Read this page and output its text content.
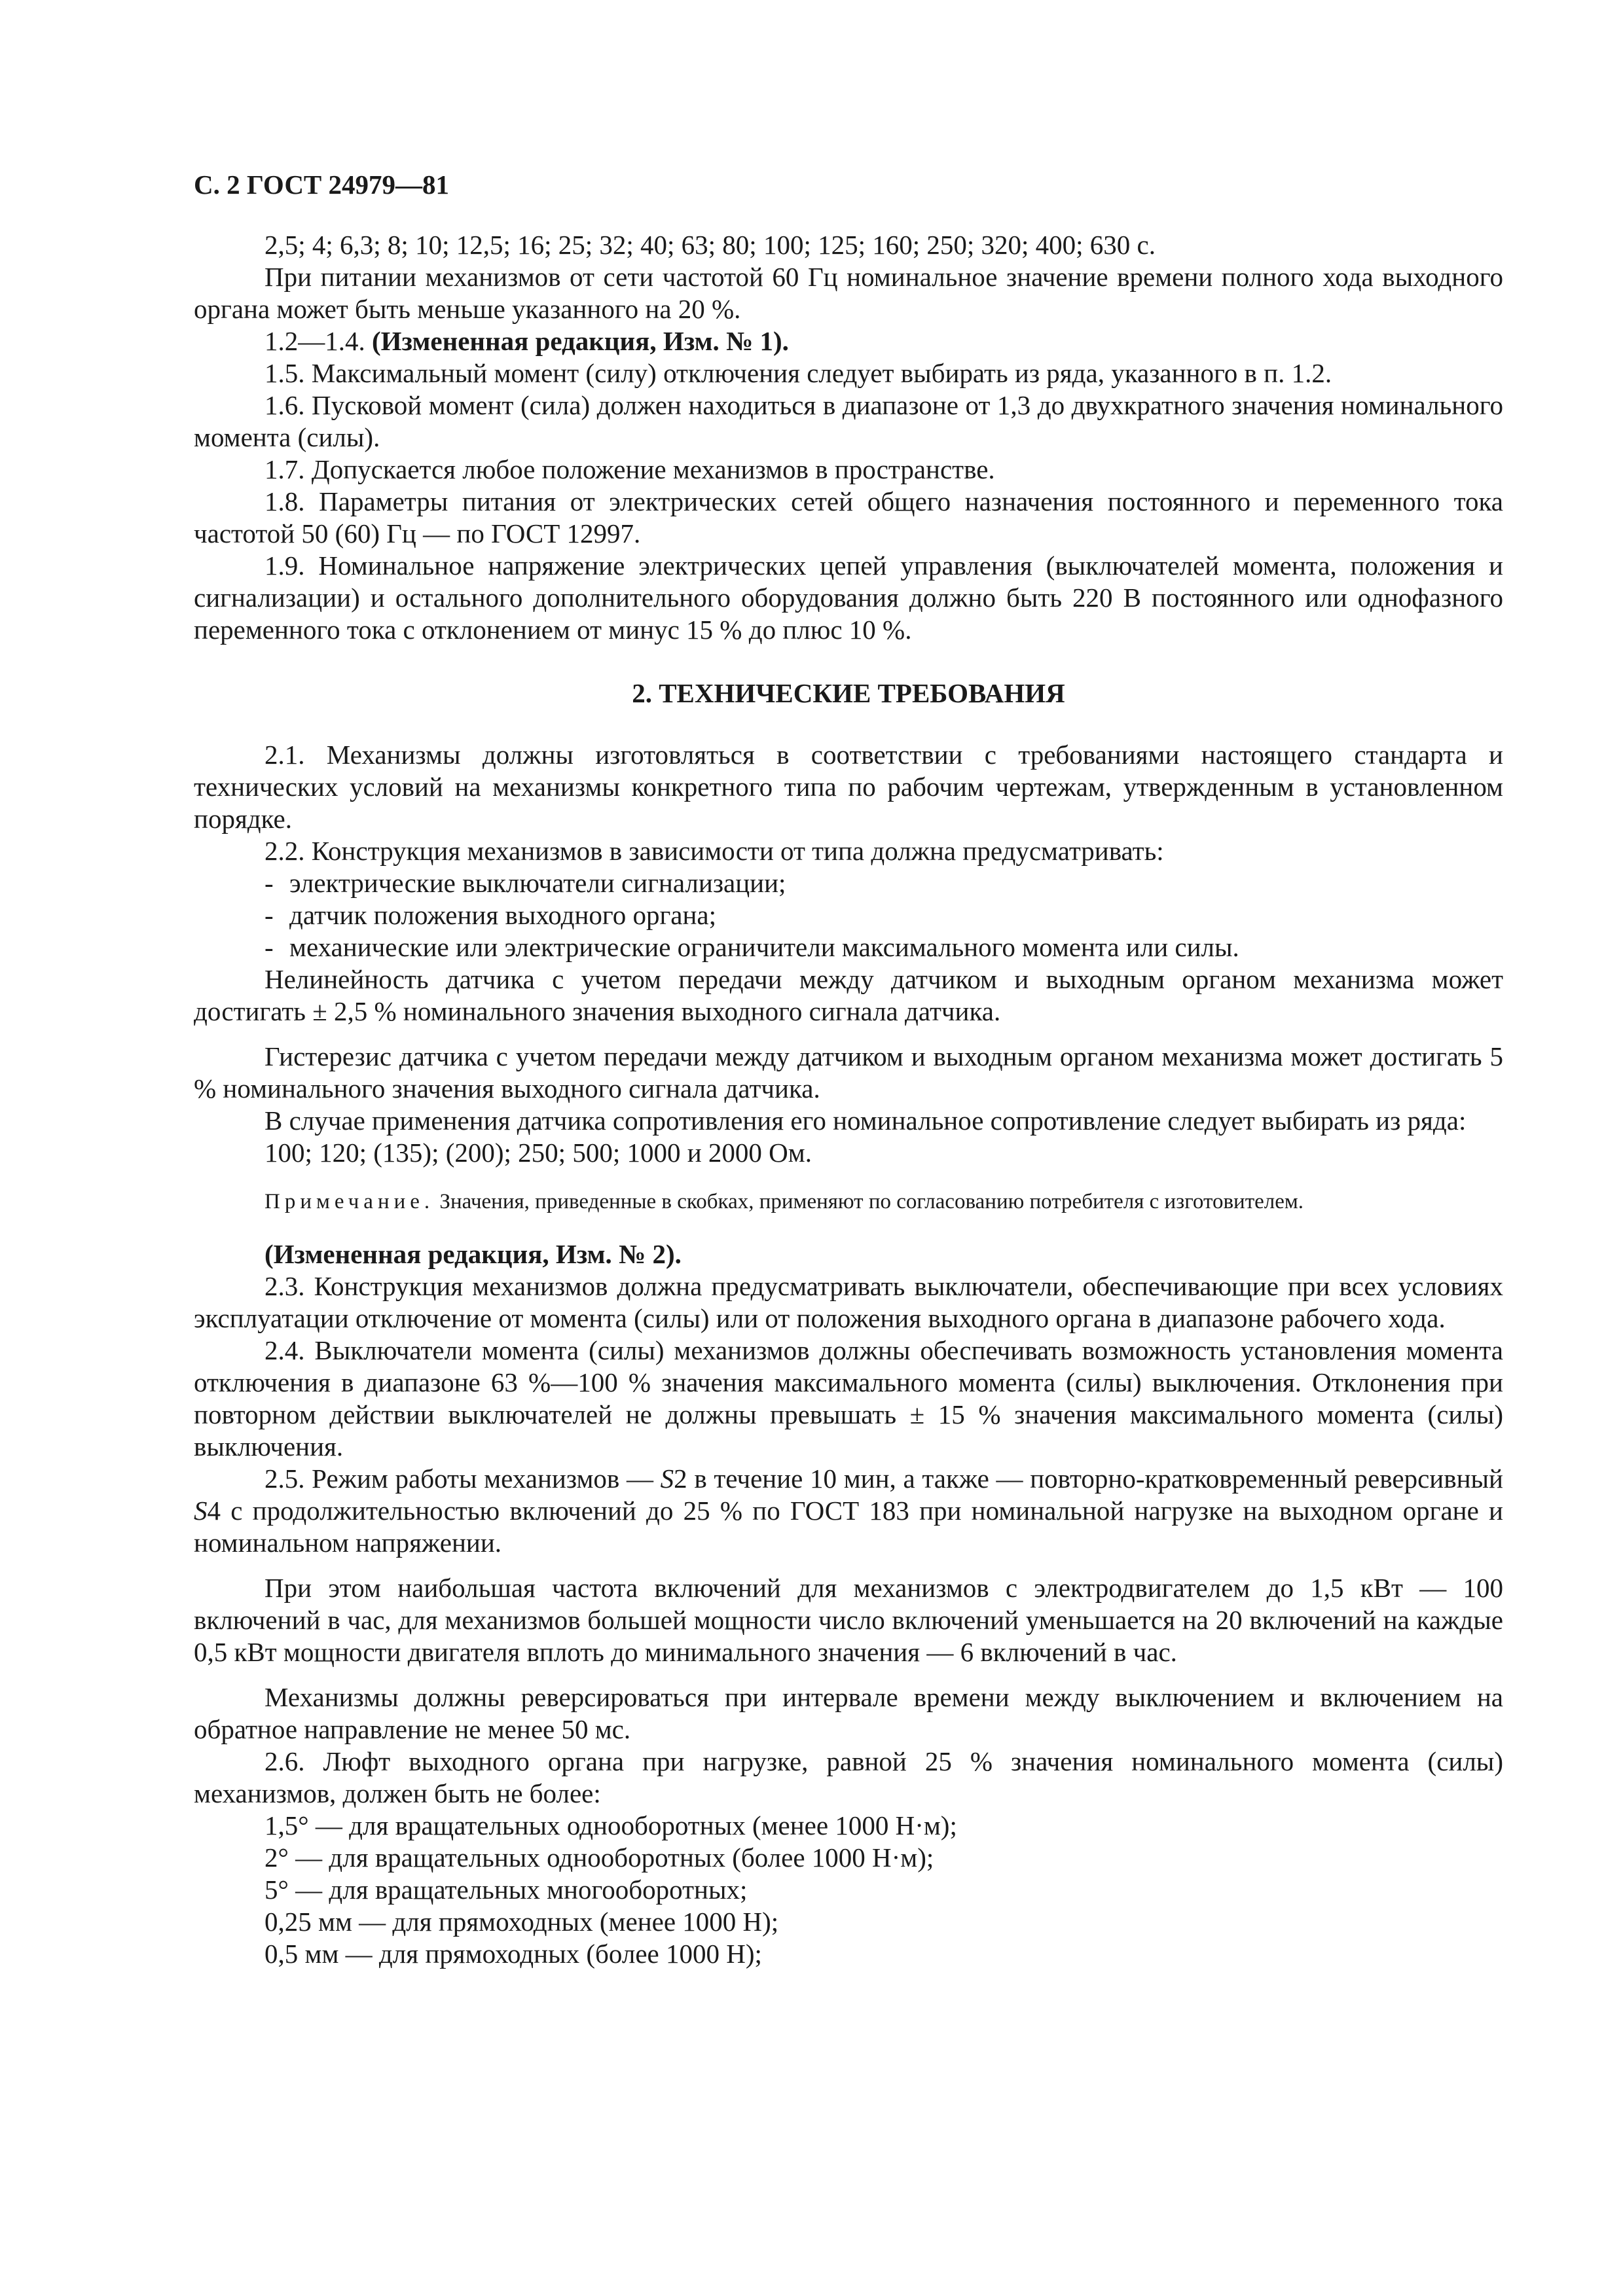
С. 2 ГОСТ 24979—81

2,5; 4; 6,3; 8; 10; 12,5; 16; 25; 32; 40; 63; 80; 100; 125; 160; 250; 320; 400; 630 с.

При питании механизмов от сети частотой 60 Гц номинальное значение времени полного хода выходного органа может быть меньше указанного на 20 %.

1.2—1.4. (Измененная редакция, Изм. № 1).

1.5. Максимальный момент (силу) отключения следует выбирать из ряда, указанного в п. 1.2.

1.6. Пусковой момент (сила) должен находиться в диапазоне от 1,3 до двухкратного значения номинального момента (силы).

1.7. Допускается любое положение механизмов в пространстве.

1.8. Параметры питания от электрических сетей общего назначения постоянного и переменного тока частотой 50 (60) Гц — по ГОСТ 12997.

1.9. Номинальное напряжение электрических цепей управления (выключателей момента, положения и сигнализации) и остального дополнительного оборудования должно быть 220 В постоянного или однофазного переменного тока с отклонением от минус 15 % до плюс 10 %.

2. ТЕХНИЧЕСКИЕ ТРЕБОВАНИЯ

2.1. Механизмы должны изготовляться в соответствии с требованиями настоящего стандарта и технических условий на механизмы конкретного типа по рабочим чертежам, утвержденным в установленном порядке.

2.2. Конструкция механизмов в зависимости от типа должна предусматривать:

- электрические выключатели сигнализации;

- датчик положения выходного органа;

- механические или электрические ограничители максимального момента или силы.

Нелинейность датчика с учетом передачи между датчиком и выходным органом механизма может достигать ± 2,5 % номинального значения выходного сигнала датчика.

Гистерезис датчика с учетом передачи между датчиком и выходным органом механизма может достигать 5 % номинального значения выходного сигнала датчика.

В случае применения датчика сопротивления его номинальное сопротивление следует выбирать из ряда:

100; 120; (135); (200); 250; 500; 1000 и 2000 Ом.

Примечание. Значения, приведенные в скобках, применяют по согласованию потребителя с изготовителем.

(Измененная редакция, Изм. № 2).

2.3. Конструкция механизмов должна предусматривать выключатели, обеспечивающие при всех условиях эксплуатации отключение от момента (силы) или от положения выходного органа в диапазоне рабочего хода.

2.4. Выключатели момента (силы) механизмов должны обеспечивать возможность установления момента отключения в диапазоне 63 %—100 % значения максимального момента (силы) выключения. Отклонения при повторном действии выключателей не должны превышать ± 15 % значения максимального момента (силы) выключения.

2.5. Режим работы механизмов — S2 в течение 10 мин, а также — повторно-кратковременный реверсивный S4 с продолжительностью включений до 25 % по ГОСТ 183 при номинальной нагрузке на выходном органе и номинальном напряжении.

При этом наибольшая частота включений для механизмов с электродвигателем до 1,5 кВт — 100 включений в час, для механизмов большей мощности число включений уменьшается на 20 включений на каждые 0,5 кВт мощности двигателя вплоть до минимального значения — 6 включений в час.

Механизмы должны реверсироваться при интервале времени между выключением и включением на обратное направление не менее 50 мс.

2.6. Люфт выходного органа при нагрузке, равной 25 % значения номинального момента (силы) механизмов, должен быть не более:

1,5° — для вращательных однооборотных (менее 1000 Н·м);

2° — для вращательных однооборотных (более 1000 Н·м);

5° — для вращательных многооборотных;

0,25 мм — для прямоходных (менее 1000 Н);

0,5 мм — для прямоходных (более 1000 Н);
